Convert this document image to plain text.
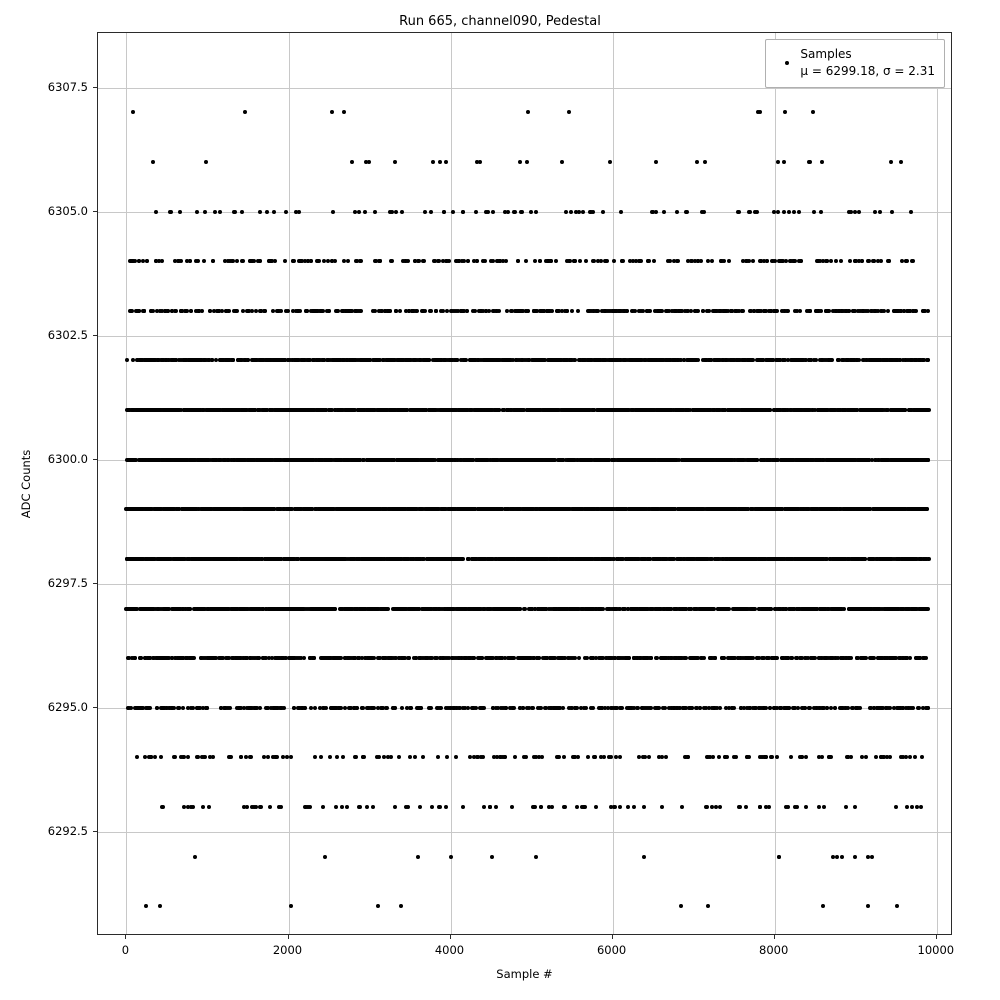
Run 665, channel090, Pedestal
Samples
μ = 6299.18, σ = 2.31
0	2000	4000	6000	8000	10000
6292.5
6295.0
6297.5
6300.0
6302.5
6305.0
6307.5
Sample #
ADC Counts
